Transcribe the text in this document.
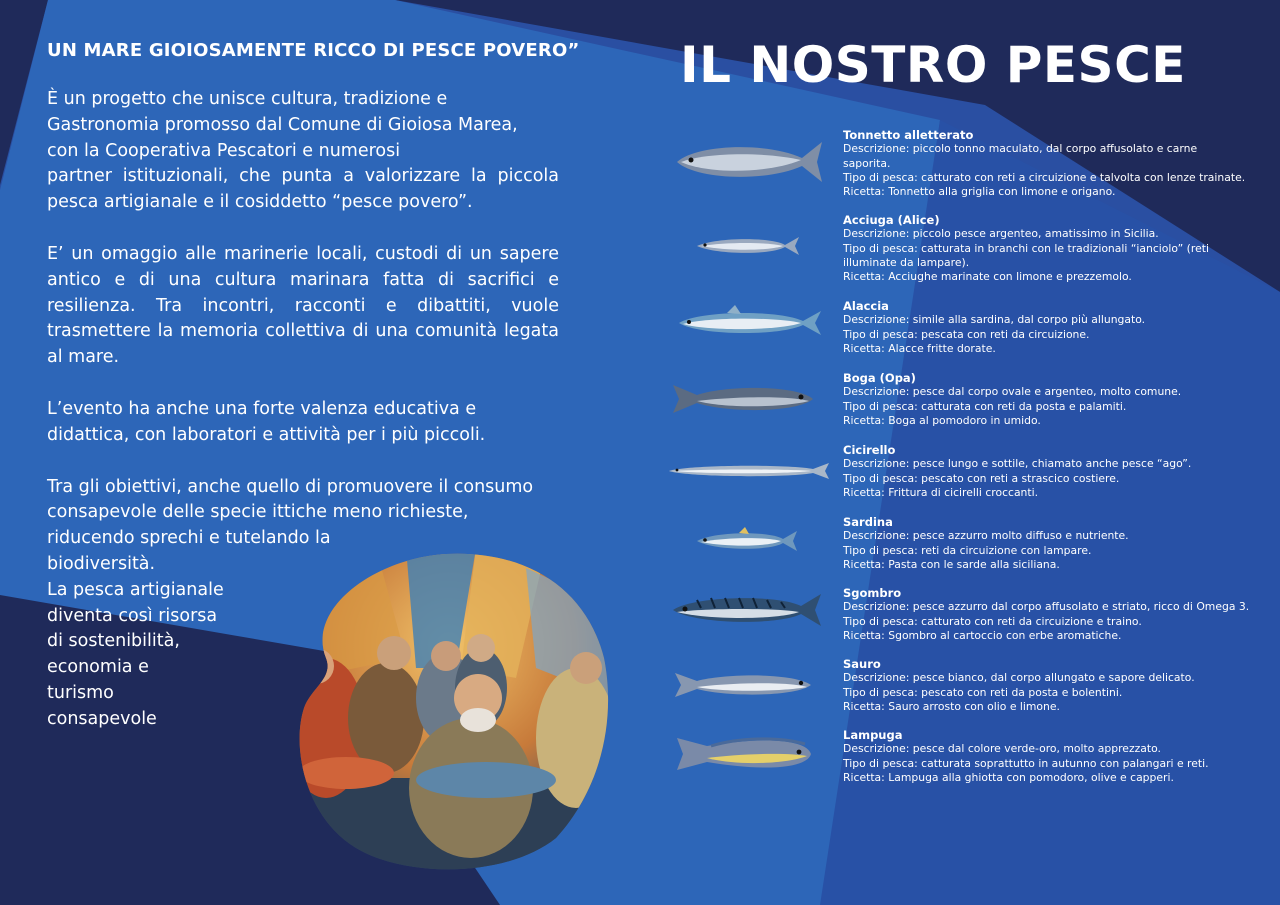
UN MARE GIOIOSAMENTE RICCO DI PESCE POVERO”
È un progetto che unisce cultura, tradizione e
Gastronomia promosso dal Comune di Gioiosa Marea,
con la Cooperativa Pescatori e numerosi
partner istituzionali, che punta a valorizzare la piccola pesca artigianale e il cosiddetto “pesce povero”.
E’ un omaggio alle marinerie locali, custodi di un sapere antico e di una cultura marinara fatta di sacrifici e resilienza. Tra incontri, racconti e dibattiti, vuole trasmettere la memoria collettiva di una comunità legata al mare.
L’evento ha anche una forte valenza educativa e didattica, con laboratori e attività per i più piccoli.
Tra gli obiettivi, anche quello di promuovere il consumo
consapevole delle specie ittiche meno richieste,
riducendo sprechi e tutelando la
biodiversità.
La pesca artigianale
diventa così risorsa
di sostenibilità,
economia e
turismo
consapevole
IL NOSTRO PESCE
Tonnetto alletterato
Descrizione: piccolo tonno maculato, dal corpo affusolato e carne
saporita.
Tipo di pesca: catturato con reti a circuizione e talvolta con lenze trainate.
Ricetta: Tonnetto alla griglia con limone e origano.
Acciuga (Alice)
Descrizione: piccolo pesce argenteo, amatissimo in Sicilia.
Tipo di pesca: catturata in branchi con le tradizionali “ianciolo” (reti
illuminate da lampare).
Ricetta: Acciughe marinate con limone e prezzemolo.
Alaccia
Descrizione: simile alla sardina, dal corpo più allungato.
Tipo di pesca: pescata con reti da circuizione.
Ricetta: Alacce fritte dorate.
Boga (Opa)
Descrizione: pesce dal corpo ovale e argenteo, molto comune.
Tipo di pesca: catturata con reti da posta e palamiti.
Ricetta: Boga al pomodoro in umido.
Cicirello
Descrizione: pesce lungo e sottile, chiamato anche pesce “ago”.
Tipo di pesca: pescato con reti a strascico costiere.
Ricetta: Frittura di cicirelli croccanti.
Sardina
Descrizione: pesce azzurro molto diffuso e nutriente.
Tipo di pesca: reti da circuizione con lampare.
Ricetta: Pasta con le sarde alla siciliana.
Sgombro
Descrizione: pesce azzurro dal corpo affusolato e striato, ricco di Omega 3.
Tipo di pesca: catturato con reti da circuizione e traino.
Ricetta: Sgombro al cartoccio con erbe aromatiche.
Sauro
Descrizione: pesce bianco, dal corpo allungato e sapore delicato.
Tipo di pesca: pescato con reti da posta e bolentini.
Ricetta: Sauro arrosto con olio e limone.
Lampuga
Descrizione: pesce dal colore verde-oro, molto apprezzato.
Tipo di pesca: catturata soprattutto in autunno con palangari e reti.
Ricetta: Lampuga alla ghiotta con pomodoro, olive e capperi.
